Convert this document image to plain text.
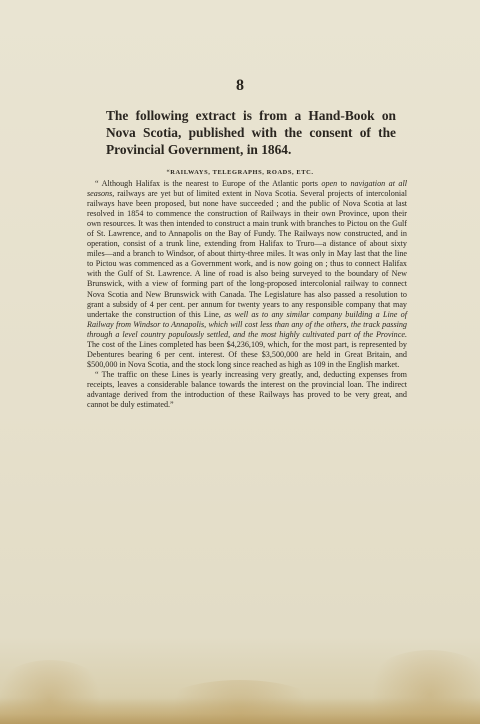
8
The following extract is from a Hand-Book on Nova Scotia, published with the consent of the Provincial Government, in 1864.
“RAILWAYS, TELEGRAPHS, ROADS, ETC.

“ Although Halifax is the nearest to Europe of the Atlantic ports open to navigation at all seasons, railways are yet but of limited extent in Nova Scotia. Several projects of intercolonial railways have been proposed, but none have succeeded ; and the public of Nova Scotia at last resolved in 1854 to commence the construction of Railways in their own Province, upon their own resources. It was then intended to construct a main trunk with branches to Pictou on the Gulf of St. Lawrence, and to Annapolis on the Bay of Fundy. The Railways now constructed, and in operation, consist of a trunk line, extending from Halifax to Truro—a distance of about sixty miles—and a branch to Windsor, of about thirty-three miles. It was only in May last that the line to Pictou was commenced as a Government work, and is now going on ; thus to connect Halifax with the Gulf of St. Lawrence. A line of road is also being surveyed to the boundary of New Brunswick, with a view of forming part of the long-proposed intercolonial railway to connect Nova Scotia and New Brunswick with Canada. The Legislature has also passed a resolution to grant a subsidy of 4 per cent. per annum for twenty years to any responsible company that may undertake the construction of this Line, as well as to any similar company building a Line of Railway from Windsor to Annapolis, which will cost less than any of the others, the track passing through a level country populously settled, and the most highly cultivated part of the Province. The cost of the Lines completed has been $4,236,109, which, for the most part, is represented by Debentures bearing 6 per cent. interest. Of these $3,500,000 are held in Great Britain, and $500,000 in Nova Scotia, and the stock long since reached as high as 109 in the English market.

“ The traffic on these Lines is yearly increasing very greatly, and, deducting expenses from receipts, leaves a considerable balance towards the interest on the provincial loan. The indirect advantage derived from the introduction of these Railways has proved to be very great, and cannot be duly estimated.”
